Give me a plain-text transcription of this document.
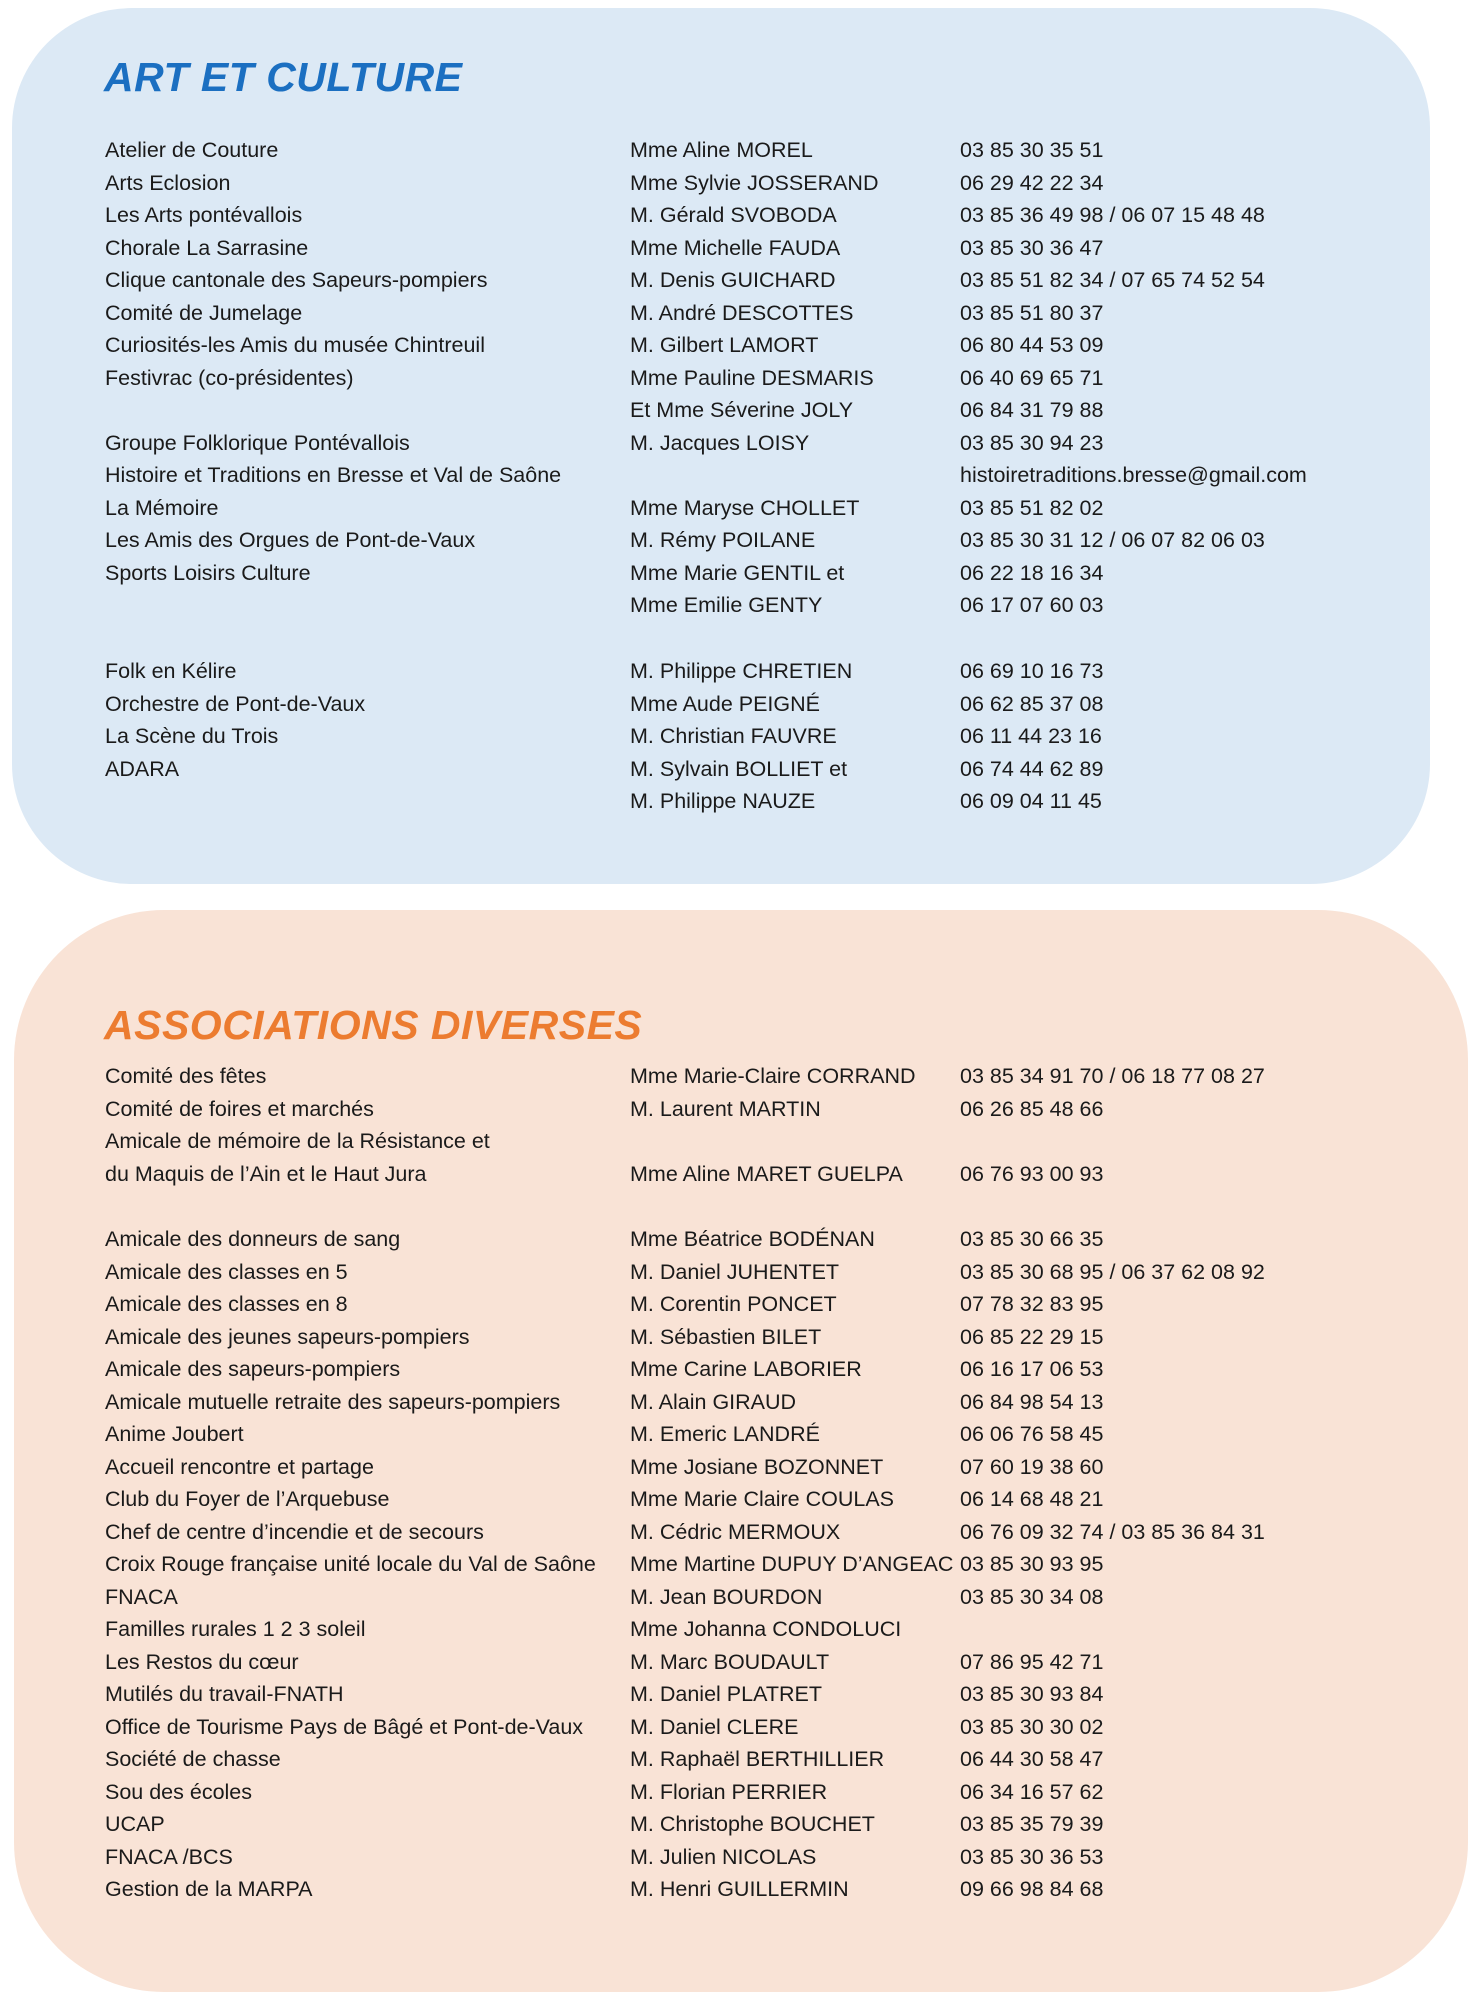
ART ET CULTURE
ASSOCIATIONS DIVERSES
Atelier de Couture	Mme Aline MOREL	03 85 30 35 51
Arts Eclosion	Mme Sylvie JOSSERAND	06 29 42 22 34
Les Arts pontévallois	M. Gérald SVOBODA	03 85 36 49 98 / 06 07 15 48 48
Chorale La Sarrasine	Mme Michelle FAUDA	03 85 30 36 47
Clique cantonale des Sapeurs-pompiers	M. Denis GUICHARD	03 85 51 82 34 / 07 65 74 52 54
Comité de Jumelage	M. André DESCOTTES	03 85 51 80 37
Curiosités-les Amis du musée Chintreuil	M. Gilbert LAMORT	06 80 44 53 09
Festivrac (co-présidentes)	Mme Pauline DESMARIS	06 40 69 65 71
Et Mme Séverine JOLY	06 84 31 79 88
Groupe Folklorique Pontévallois	M. Jacques LOISY	03 85 30 94 23
Histoire et Traditions en Bresse et Val de Saône	histoiretraditions.bresse@gmail.com
La Mémoire	Mme Maryse CHOLLET	03 85 51 82 02
Les Amis des Orgues de Pont-de-Vaux	M. Rémy POILANE	03 85 30 31 12 / 06 07 82 06 03
Sports Loisirs Culture	Mme Marie GENTIL et	06 22 18 16 34
Mme Emilie GENTY	06 17 07 60 03
Folk en Kélire	M. Philippe CHRETIEN	06 69 10 16 73
Orchestre de Pont-de-Vaux	Mme Aude PEIGNÉ	06 62 85 37 08
La Scène du Trois	M. Christian FAUVRE	06 11 44 23 16
ADARA	M. Sylvain BOLLIET et	06 74 44 62 89
M. Philippe NAUZE	06 09 04 11 45
Comité des fêtes	Mme Marie-Claire CORRAND 03 85 34 91 70 / 06 18 77 08 27
Comité de foires et marchés	M. Laurent MARTIN	06 26 85 48 66
Amicale de mémoire de la Résistance et
du Maquis de l’Ain et le Haut Jura	Mme Aline MARET GUELPA	06 76 93 00 93
Amicale des donneurs de sang	Mme Béatrice BODÉNAN	03 85 30 66 35
Amicale des classes en 5	M. Daniel JUHENTET	03 85 30 68 95 / 06 37 62 08 92
Amicale des classes en 8	M. Corentin PONCET	07 78 32 83 95
Amicale des jeunes sapeurs-pompiers	M. Sébastien BILET	06 85 22 29 15
Amicale des sapeurs-pompiers	Mme Carine LABORIER	06 16 17 06 53
Amicale mutuelle retraite des sapeurs-pompiers	M. Alain GIRAUD	06 84 98 54 13
Anime Joubert	M. Emeric LANDRÉ	06 06 76 58 45
Accueil rencontre et partage	Mme Josiane BOZONNET	07 60 19 38 60
Club du Foyer de l’Arquebuse	Mme Marie Claire COULAS	06 14 68 48 21
Chef de centre d’incendie et de secours	M. Cédric MERMOUX	06 76 09 32 74 / 03 85 36 84 31
Croix Rouge française unité locale du Val de Saône Mme Martine DUPUY D’ANGEAC 03 85 30 93 95
FNACA	M. Jean BOURDON	03 85 30 34 08
Familles rurales 1 2 3 soleil	Mme Johanna CONDOLUCI
Les Restos du cœur	M. Marc BOUDAULT	07 86 95 42 71
Mutilés du travail-FNATH	M. Daniel PLATRET	03 85 30 93 84
Office de Tourisme Pays de Bâgé et Pont-de-Vaux M. Daniel CLERE	03 85 30 30 02
Société de chasse	M. Raphaël BERTHILLIER	06 44 30 58 47
Sou des écoles	M. Florian PERRIER	06 34 16 57 62
UCAP	M. Christophe BOUCHET	03 85 35 79 39
FNACA /BCS	M. Julien NICOLAS	03 85 30 36 53
Gestion de la MARPA	M. Henri GUILLERMIN	09 66 98 84 68
